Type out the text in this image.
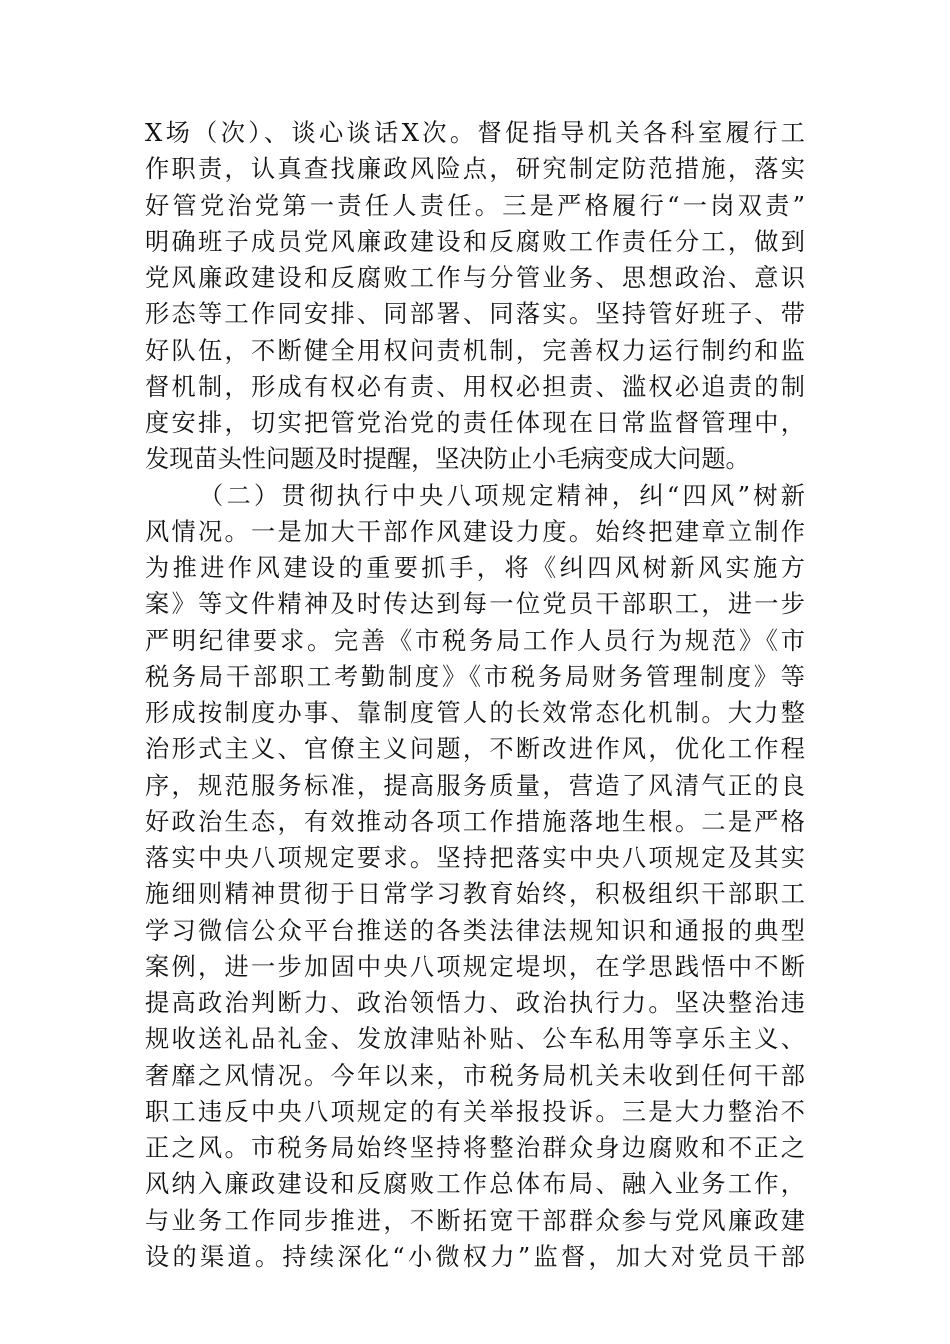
X场（次）、谈心谈话X次。督促指导机关各科室履行工
作职责，认真查找廉政风险点，研究制定防范措施，落实
好管党治党第一责任人责任。三是严格履行“一岗双责”
明确班子成员党风廉政建设和反腐败工作责任分工，做到
党风廉政建设和反腐败工作与分管业务、思想政治、意识
形态等工作同安排、同部署、同落实。坚持管好班子、带
好队伍，不断健全用权问责机制，完善权力运行制约和监
督机制，形成有权必有责、用权必担责、滥权必追责的制
度安排，切实把管党治党的责任体现在日常监督管理中，
发现苗头性问题及时提醒，坚决防止小毛病变成大问题。
（二）贯彻执行中央八项规定精神，纠“四风”树新
风情况。一是加大干部作风建设力度。始终把建章立制作
为推进作风建设的重要抓手，将《纠四风树新风实施方
案》等文件精神及时传达到每一位党员干部职工，进一步
严明纪律要求。完善《市税务局工作人员行为规范》《市
税务局干部职工考勤制度》《市税务局财务管理制度》等
形成按制度办事、靠制度管人的长效常态化机制。大力整
治形式主义、官僚主义问题，不断改进作风，优化工作程
序，规范服务标准，提高服务质量，营造了风清气正的良
好政治生态，有效推动各项工作措施落地生根。二是严格
落实中央八项规定要求。坚持把落实中央八项规定及其实
施细则精神贯彻于日常学习教育始终，积极组织干部职工
学习微信公众平台推送的各类法律法规知识和通报的典型
案例，进一步加固中央八项规定堤坝，在学思践悟中不断
提高政治判断力、政治领悟力、政治执行力。坚决整治违
规收送礼品礼金、发放津贴补贴、公车私用等享乐主义、
奢靡之风情况。今年以来，市税务局机关未收到任何干部
职工违反中央八项规定的有关举报投诉。三是大力整治不
正之风。市税务局始终坚持将整治群众身边腐败和不正之
风纳入廉政建设和反腐败工作总体布局、融入业务工作，
与业务工作同步推进，不断拓宽干部群众参与党风廉政建
设的渠道。持续深化“小微权力”监督，加大对党员干部
